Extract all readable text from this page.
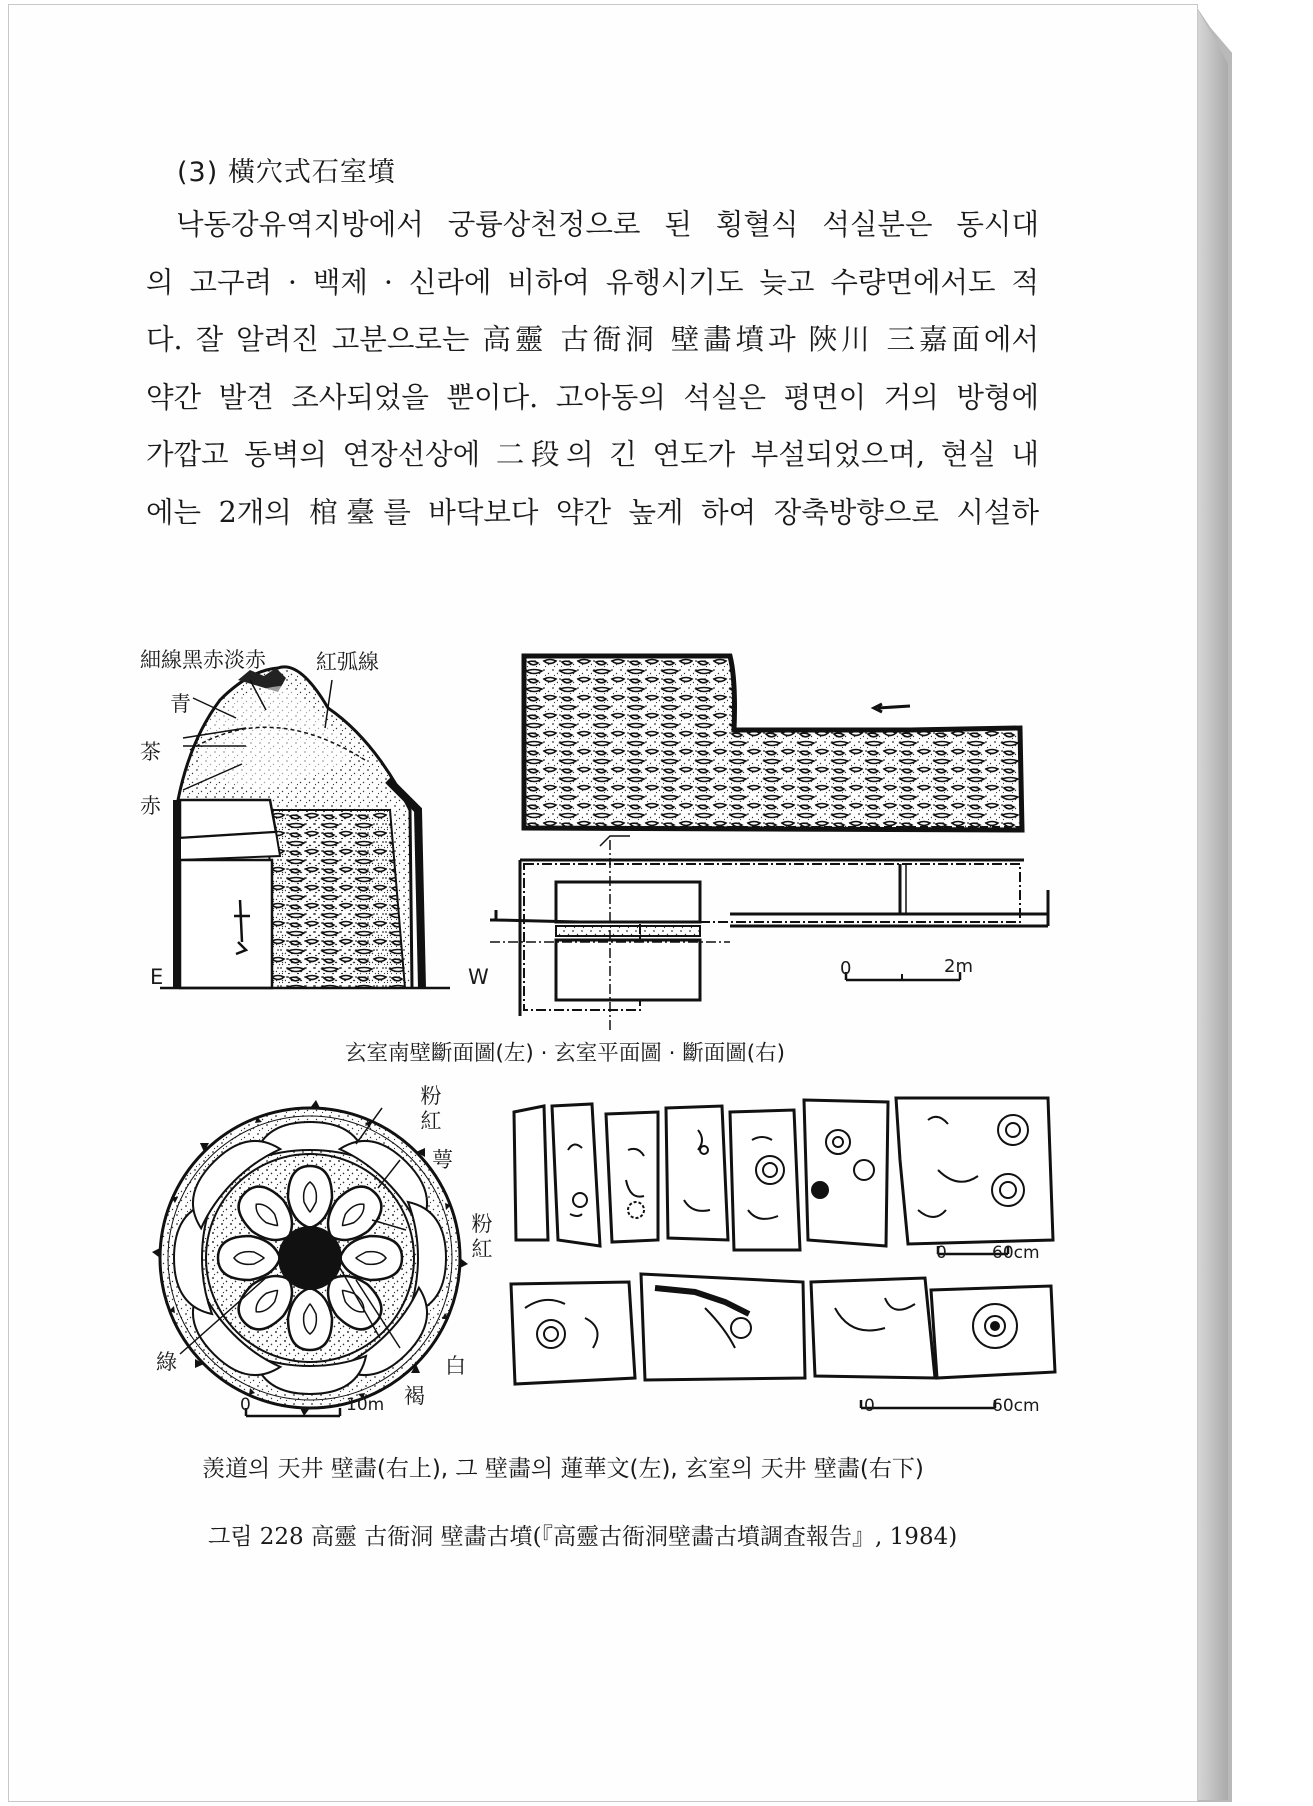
(3) 橫穴式石室墳
낙동강유역지방에서 궁륭상천정으로 된 횡혈식 석실분은 동시대
의 고구려 · 백제 · 신라에 비하여 유행시기도 늦고 수량면에서도 적
다. 잘 알려진 고분으로는 高靈 古衙洞 壁畵墳과 陜川 三嘉面에서
약간 발견 조사되었을 뿐이다. 고아동의 석실은 평면이 거의 방형에
가깝고 동벽의 연장선상에 二段의 긴 연도가 부설되었으며, 현실 내
에는 2개의 棺臺를 바닥보다 약간 높게 하여 장축방향으로 시설하
細線黑赤淡赤 紅弧線
青
茶
赤
E	W	0	2m
玄室南壁斷面圖(左) · 玄室平面圖 · 斷面圖(右)
粉紅
萼
粉紅
綠	白
褐
0	10m
0	60cm
0	60cm
羡道의 天井 壁畵(右上), 그 壁畵의 蓮華文(左), 玄室의 天井 壁畵(右下)
그림 228 高靈 古衙洞 壁畵古墳(『高靈古衙洞壁畵古墳調査報告』, 1984)
